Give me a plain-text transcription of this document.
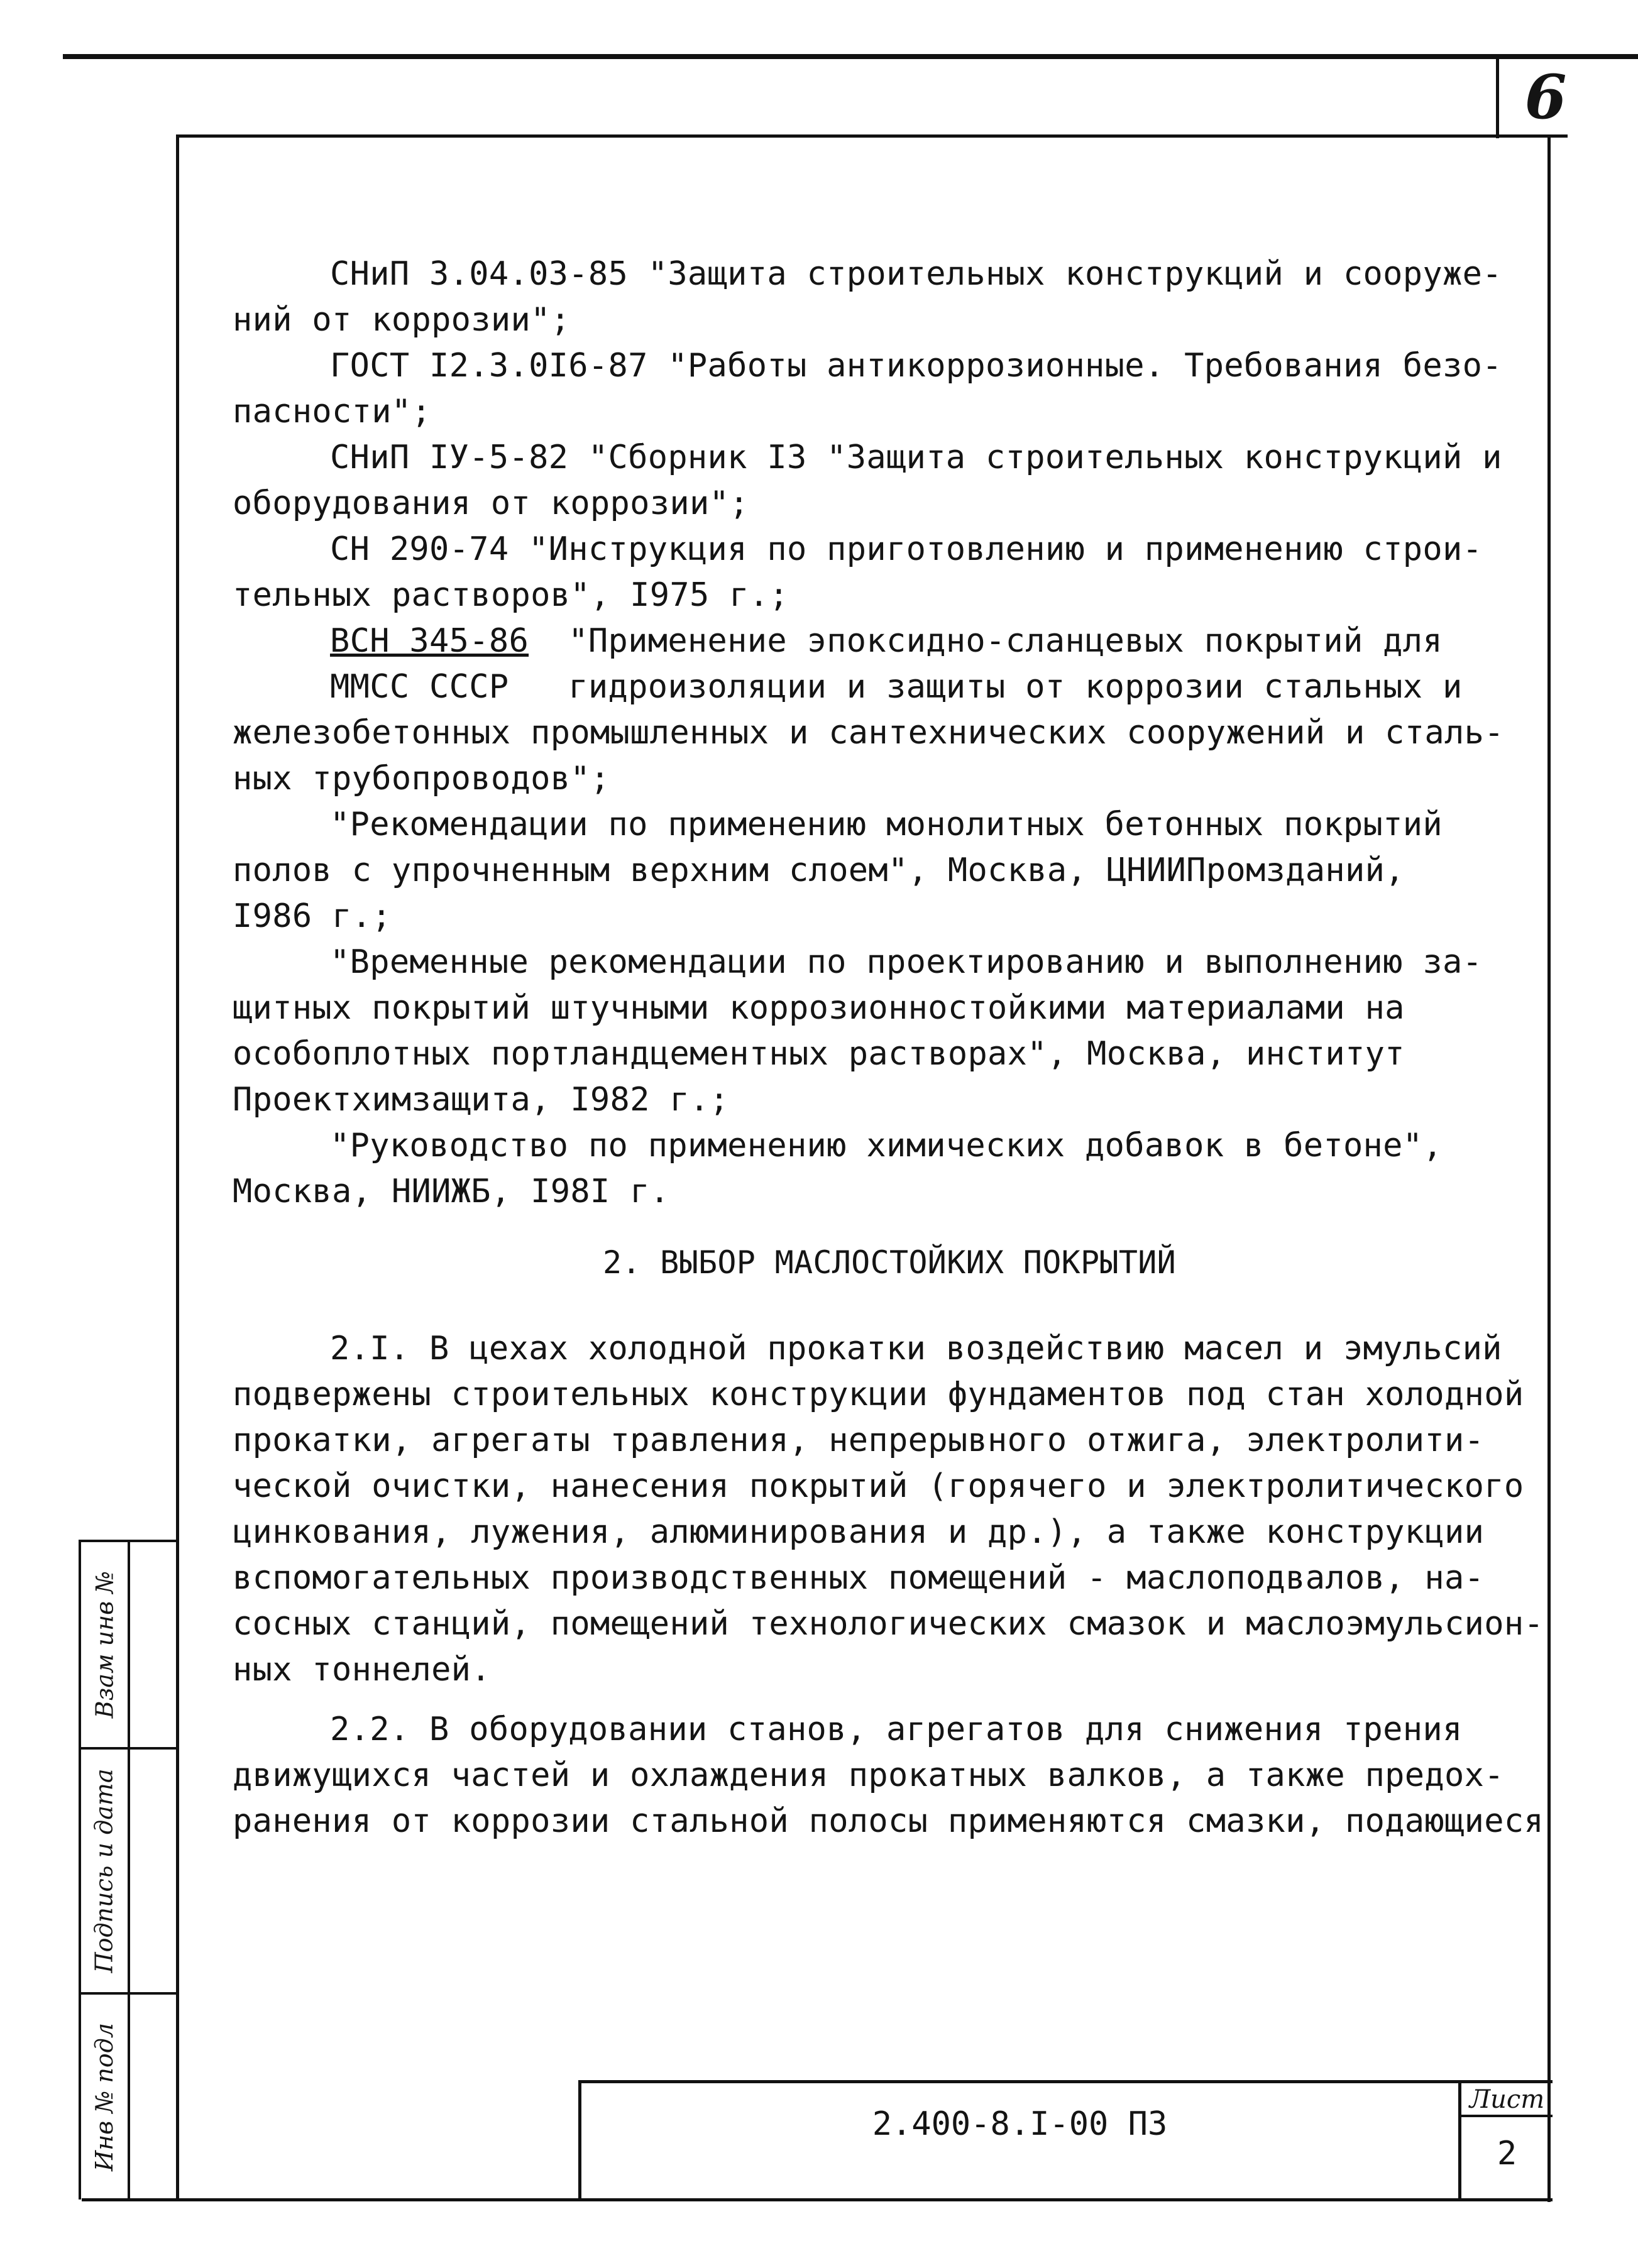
6
СНиП 3.04.03-85 "Защита строительных конструкций и сооруже-
ний от коррозии";
ГОСТ I2.3.0I6-87 "Работы антикоррозионные. Требования безо-
пасности";
СНиП IУ-5-82 "Сборник I3 "Защита строительных конструкций и
оборудования от коррозии";
СН 290-74 "Инструкция по приготовлению и применению строи-
тельных растворов", I975 г.;
ВСН 345-86 "Применение эпоксидно-сланцевых покрытий для
ММСС СССР гидроизоляции и защиты от коррозии стальных и
железобетонных промышленных и сантехнических сооружений и сталь-
ных трубопроводов";
"Рекомендации по применению монолитных бетонных покрытий
полов с упрочненным верхним слоем", Москва, ЦНИИПромзданий,
I986 г.;
"Временные рекомендации по проектированию и выполнению за-
щитных покрытий штучными коррозионностойкими материалами на
особоплотных портландцементных растворах", Москва, институт
Проектхимзащита, I982 г.;
"Руководство по применению химических добавок в бетоне",
Москва, НИИЖБ, I98I г.
2. ВЫБОР МАСЛОСТОЙКИХ ПОКРЫТИЙ
2.I. В цехах холодной прокатки воздействию масел и эмульсий
подвержены строительных конструкции фундаментов под стан холодной
прокатки, агрегаты травления, непрерывного отжига, электролити-
ческой очистки, нанесения покрытий (горячего и электролитического
цинкования, лужения, алюминирования и др.), а также конструкции
вспомогательных производственных помещений - маслоподвалов, на-
сосных станций, помещений технологических смазок и маслоэмульсион-
ных тоннелей.
2.2. В оборудовании станов, агрегатов для снижения трения
движущихся частей и охлаждения прокатных валков, а также предох-
ранения от коррозии стальной полосы применяются смазки, подающиеся
Взам инв №
Подпись и дата
Инв № подл	2.400-8.I-00 ПЗ
Лист
2
